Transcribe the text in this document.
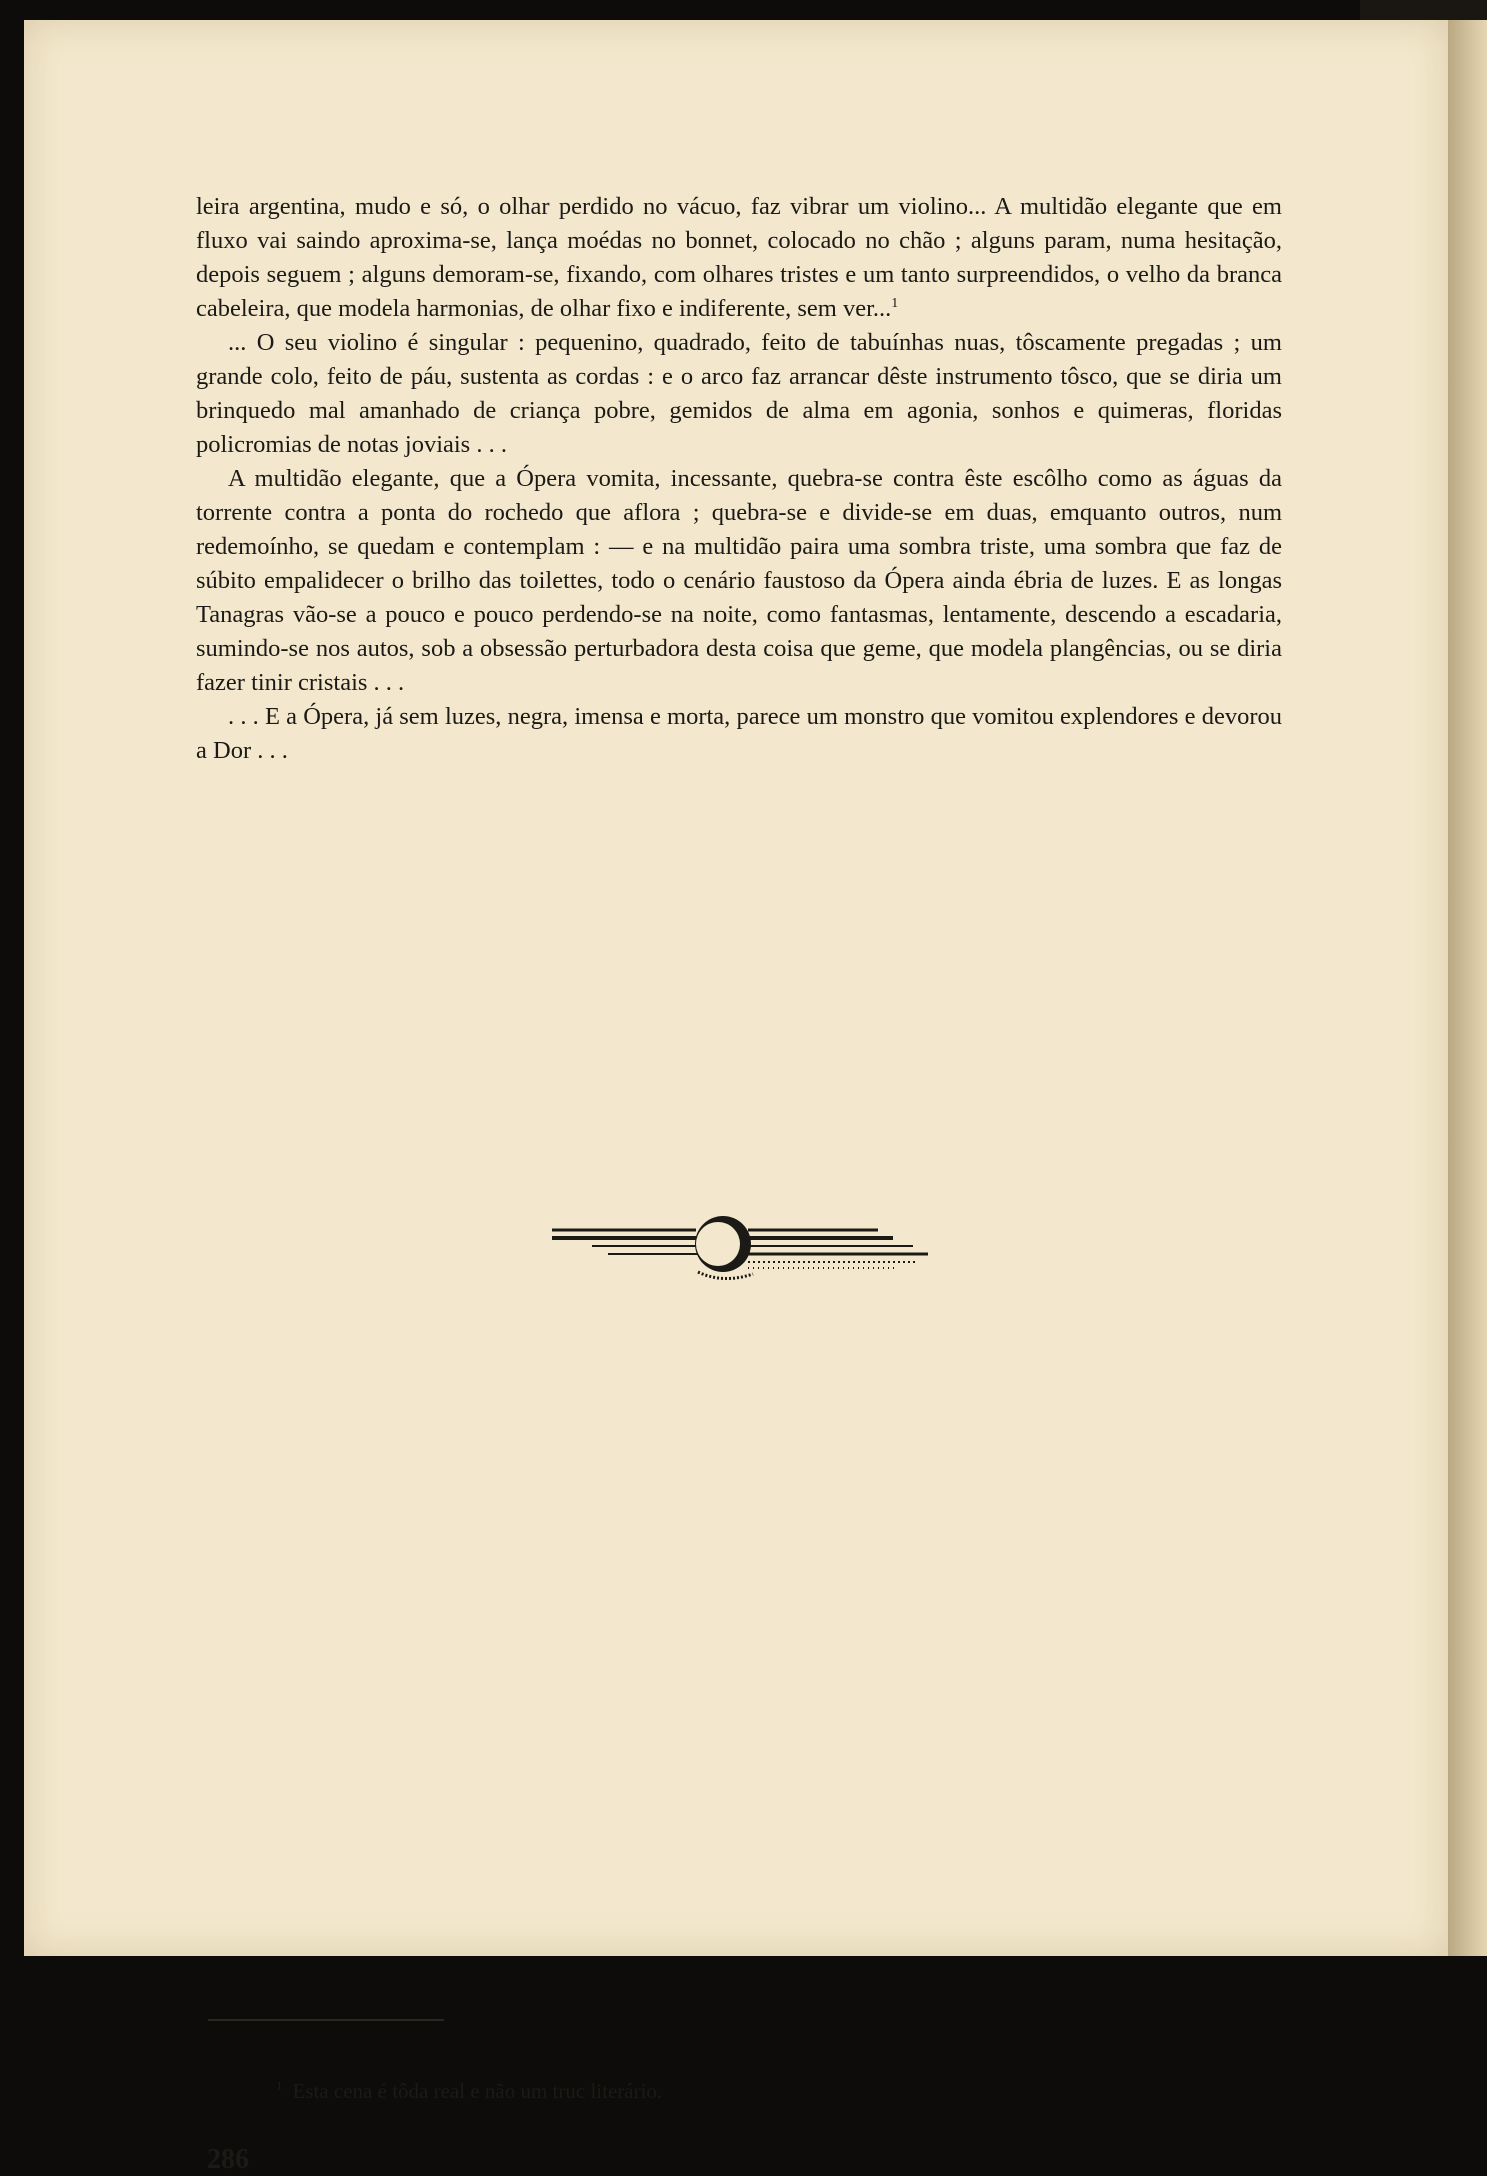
leira argentina, mudo e só, o olhar perdido no vácuo, faz vibrar um violino... A multidão elegante que em fluxo vai saindo aproxima-se, lança moédas no bonnet, colocado no chão ; alguns param, numa hesitação, depois seguem ; alguns demoram-se, fixando, com olhares tristes e um tanto surpreendidos, o velho da branca cabeleira, que modela harmonias, de olhar fixo e indiferente, sem ver...$^1$

... O seu violino é singular : pequenino, quadrado, feito de tabuínhas nuas, tôscamente pregadas ; um grande colo, feito de páu, sustenta as cordas : e o arco faz arrancar dêste instrumento tôsco, que se diria um brinquedo mal amanhado de criança pobre, gemidos de alma em agonia, sonhos e quimeras, floridas policromias de notas joviais . . .

A multidão elegante, que a Ópera vomita, incessante, quebra-se contra êste escôlho como as águas da torrente contra a ponta do rochedo que aflora ; quebra-se e divide-se em duas, emquanto outros, num redemoínho, se quedam e contemplam : — e na multidão paira uma sombra triste, uma sombra que faz de súbito empalidecer o brilho das toilettes, todo o cenário faustoso da Ópera ainda ébria de luzes. E as longas Tanagras vão-se a pouco e pouco perdendo-se na noite, como fantasmas, lentamente, descendo a escadaria, sumindo-se nos autos, sob a obsessão perturbadora desta coisa que geme, que modela plangências, ou se diria fazer tinir cristais . . .

. . . E a Ópera, já sem luzes, negra, imensa e morta, parece um monstro que vomitou explendores e devorou a Dor . . .

$^1$ Esta cena é tôda real e não um truc literário.
286
